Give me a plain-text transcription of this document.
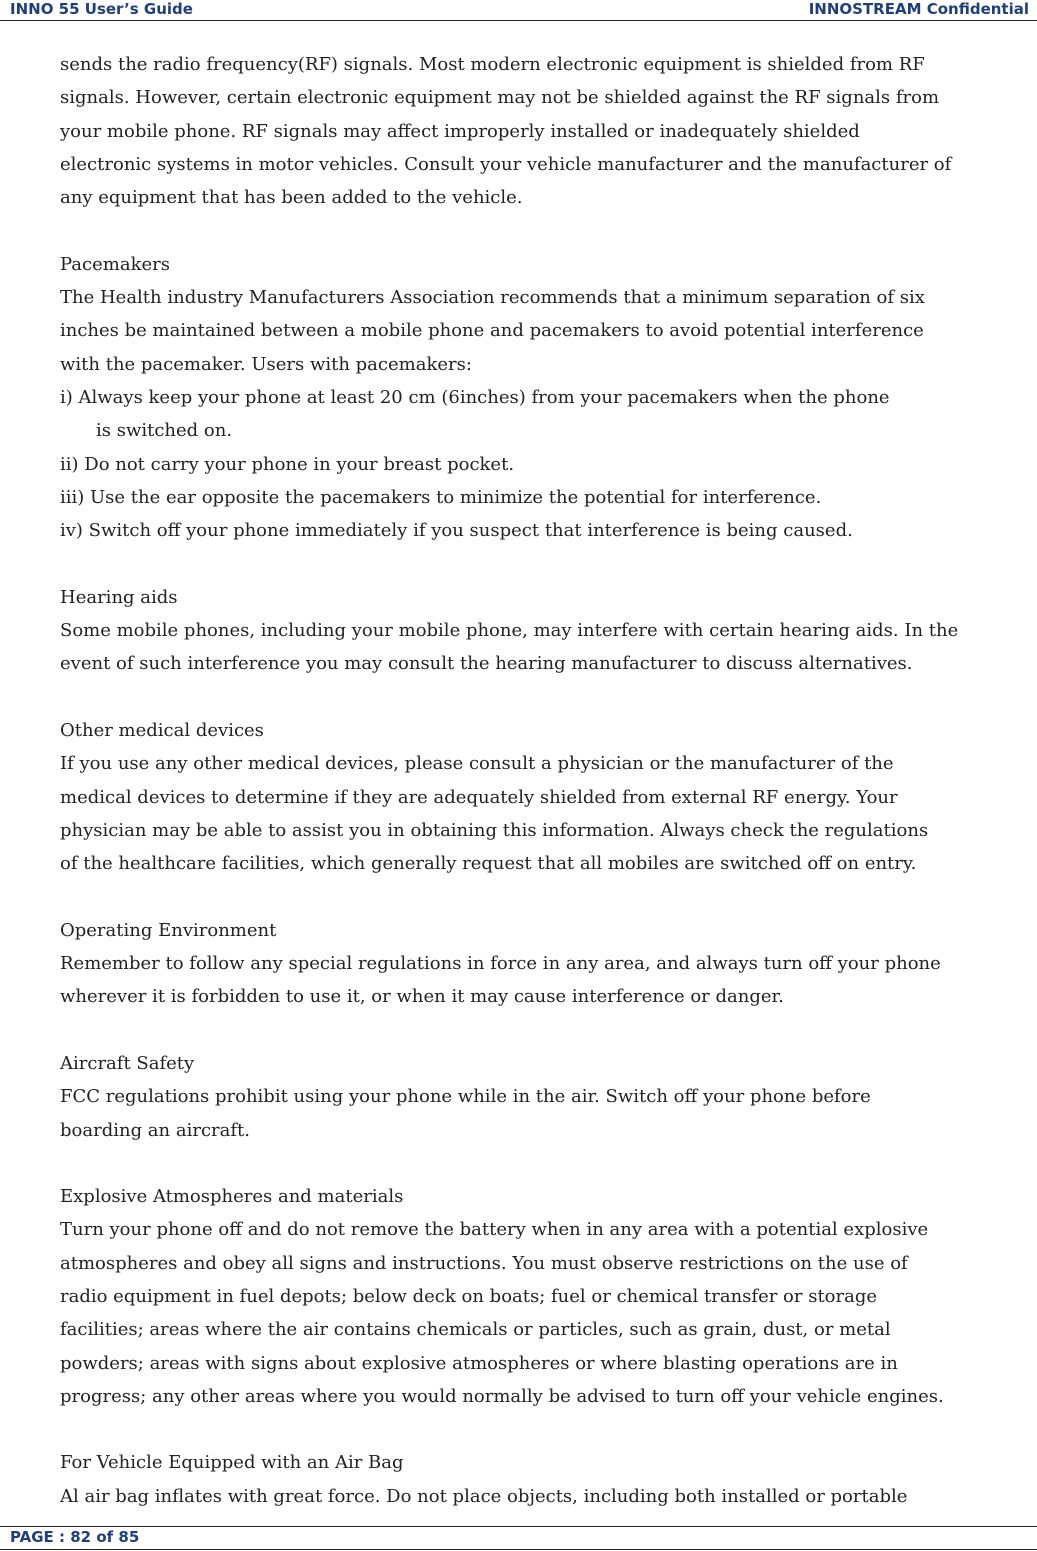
INNO 55 User’s Guide	INNOSTREAM Confidential

sends the radio frequency(RF) signals. Most modern electronic equipment is shielded from RF

signals. However, certain electronic equipment may not be shielded against the RF signals from

your mobile phone. RF signals may affect improperly installed or inadequately shielded

electronic systems in motor vehicles. Consult your vehicle manufacturer and the manufacturer of

any equipment that has been added to the vehicle.

Pacemakers

The Health industry Manufacturers Association recommends that a minimum separation of six

inches be maintained between a mobile phone and pacemakers to avoid potential interference

with the pacemaker. Users with pacemakers:

i) Always keep your phone at least 20 cm (6inches) from your pacemakers when the phone

is switched on.

ii) Do not carry your phone in your breast pocket.

iii) Use the ear opposite the pacemakers to minimize the potential for interference.

iv) Switch off your phone immediately if you suspect that interference is being caused.

Hearing aids

Some mobile phones, including your mobile phone, may interfere with certain hearing aids. In the

event of such interference you may consult the hearing manufacturer to discuss alternatives.

Other medical devices

If you use any other medical devices, please consult a physician or the manufacturer of the

medical devices to determine if they are adequately shielded from external RF energy. Your

physician may be able to assist you in obtaining this information. Always check the regulations

of the healthcare facilities, which generally request that all mobiles are switched off on entry.

Operating Environment

Remember to follow any special regulations in force in any area, and always turn off your phone

wherever it is forbidden to use it, or when it may cause interference or danger.

Aircraft Safety

FCC regulations prohibit using your phone while in the air. Switch off your phone before

boarding an aircraft.

Explosive Atmospheres and materials

Turn your phone off and do not remove the battery when in any area with a potential explosive

atmospheres and obey all signs and instructions. You must observe restrictions on the use of

radio equipment in fuel depots; below deck on boats; fuel or chemical transfer or storage

facilities; areas where the air contains chemicals or particles, such as grain, dust, or metal

powders; areas with signs about explosive atmospheres or where blasting operations are in

progress; any other areas where you would normally be advised to turn off your vehicle engines.

For Vehicle Equipped with an Air Bag

Al air bag inflates with great force. Do not place objects, including both installed or portable

PAGE : 82 of 85
